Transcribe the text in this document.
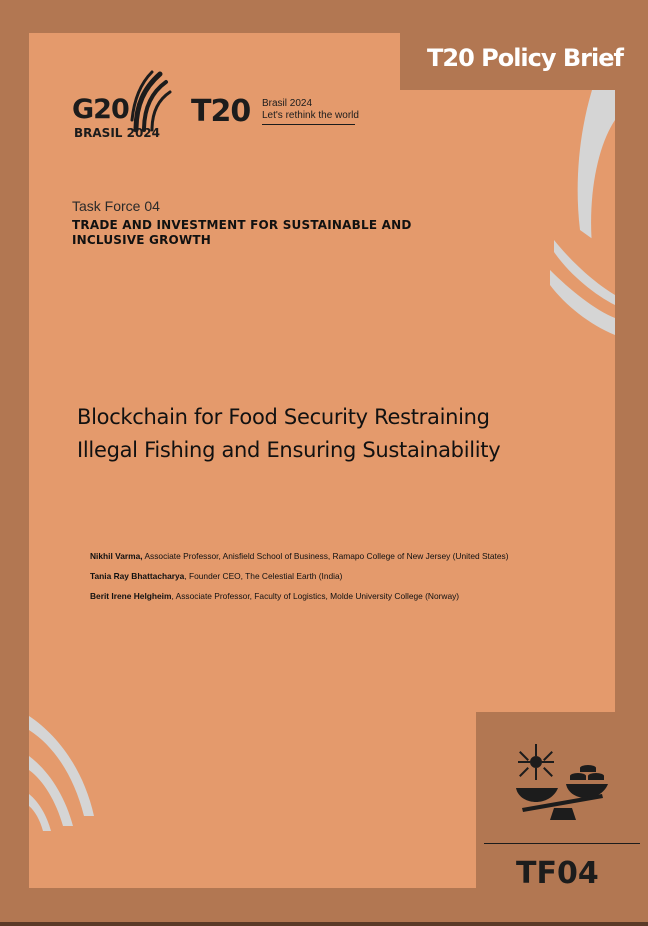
T20 Policy Brief
G20
BRASIL 2024
T20 Brasil 2024
Let's rethink the world
Task Force 04
TRADE AND INVESTMENT FOR SUSTAINABLE AND
INCLUSIVE GROWTH
Blockchain for Food Security Restraining
Illegal Fishing and Ensuring Sustainability
Nikhil Varma, Associate Professor, Anisfield School of Business, Ramapo College of New Jersey (United States)
Tania Ray Bhattacharya, Founder CEO, The Celestial Earth (India)
Berit Irene Helgheim, Associate Professor, Faculty of Logistics, Molde University College (Norway)
TF04
